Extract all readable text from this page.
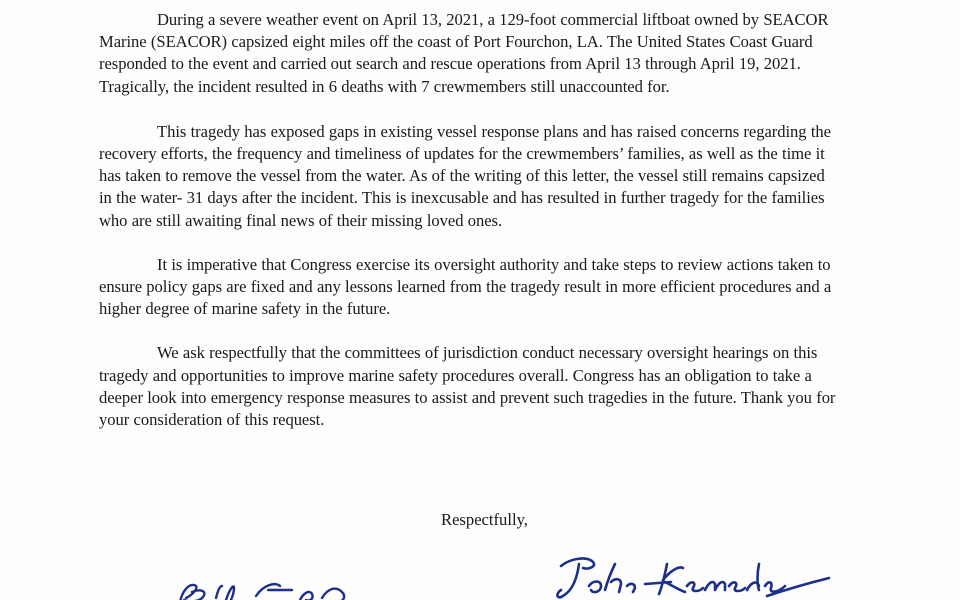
During a severe weather event on April 13, 2021, a 129-foot commercial liftboat owned by SEACOR Marine (SEACOR) capsized eight miles off the coast of Port Fourchon, LA. The United States Coast Guard responded to the event and carried out search and rescue operations from April 13 through April 19, 2021. Tragically, the incident resulted in 6 deaths with 7 crewmembers still unaccounted for.

This tragedy has exposed gaps in existing vessel response plans and has raised concerns regarding the recovery efforts, the frequency and timeliness of updates for the crewmembers’ families, as well as the time it has taken to remove the vessel from the water. As of the writing of this letter, the vessel still remains capsized in the water- 31 days after the incident. This is inexcusable and has resulted in further tragedy for the families who are still awaiting final news of their missing loved ones.

It is imperative that Congress exercise its oversight authority and take steps to review actions taken to ensure policy gaps are fixed and any lessons learned from the tragedy result in more efficient procedures and a higher degree of marine safety in the future.

We ask respectfully that the committees of jurisdiction conduct necessary oversight hearings on this tragedy and opportunities to improve marine safety procedures overall. Congress has an obligation to take a deeper look into emergency response measures to assist and prevent such tragedies in the future. Thank you for your consideration of this request.

Respectfully,
